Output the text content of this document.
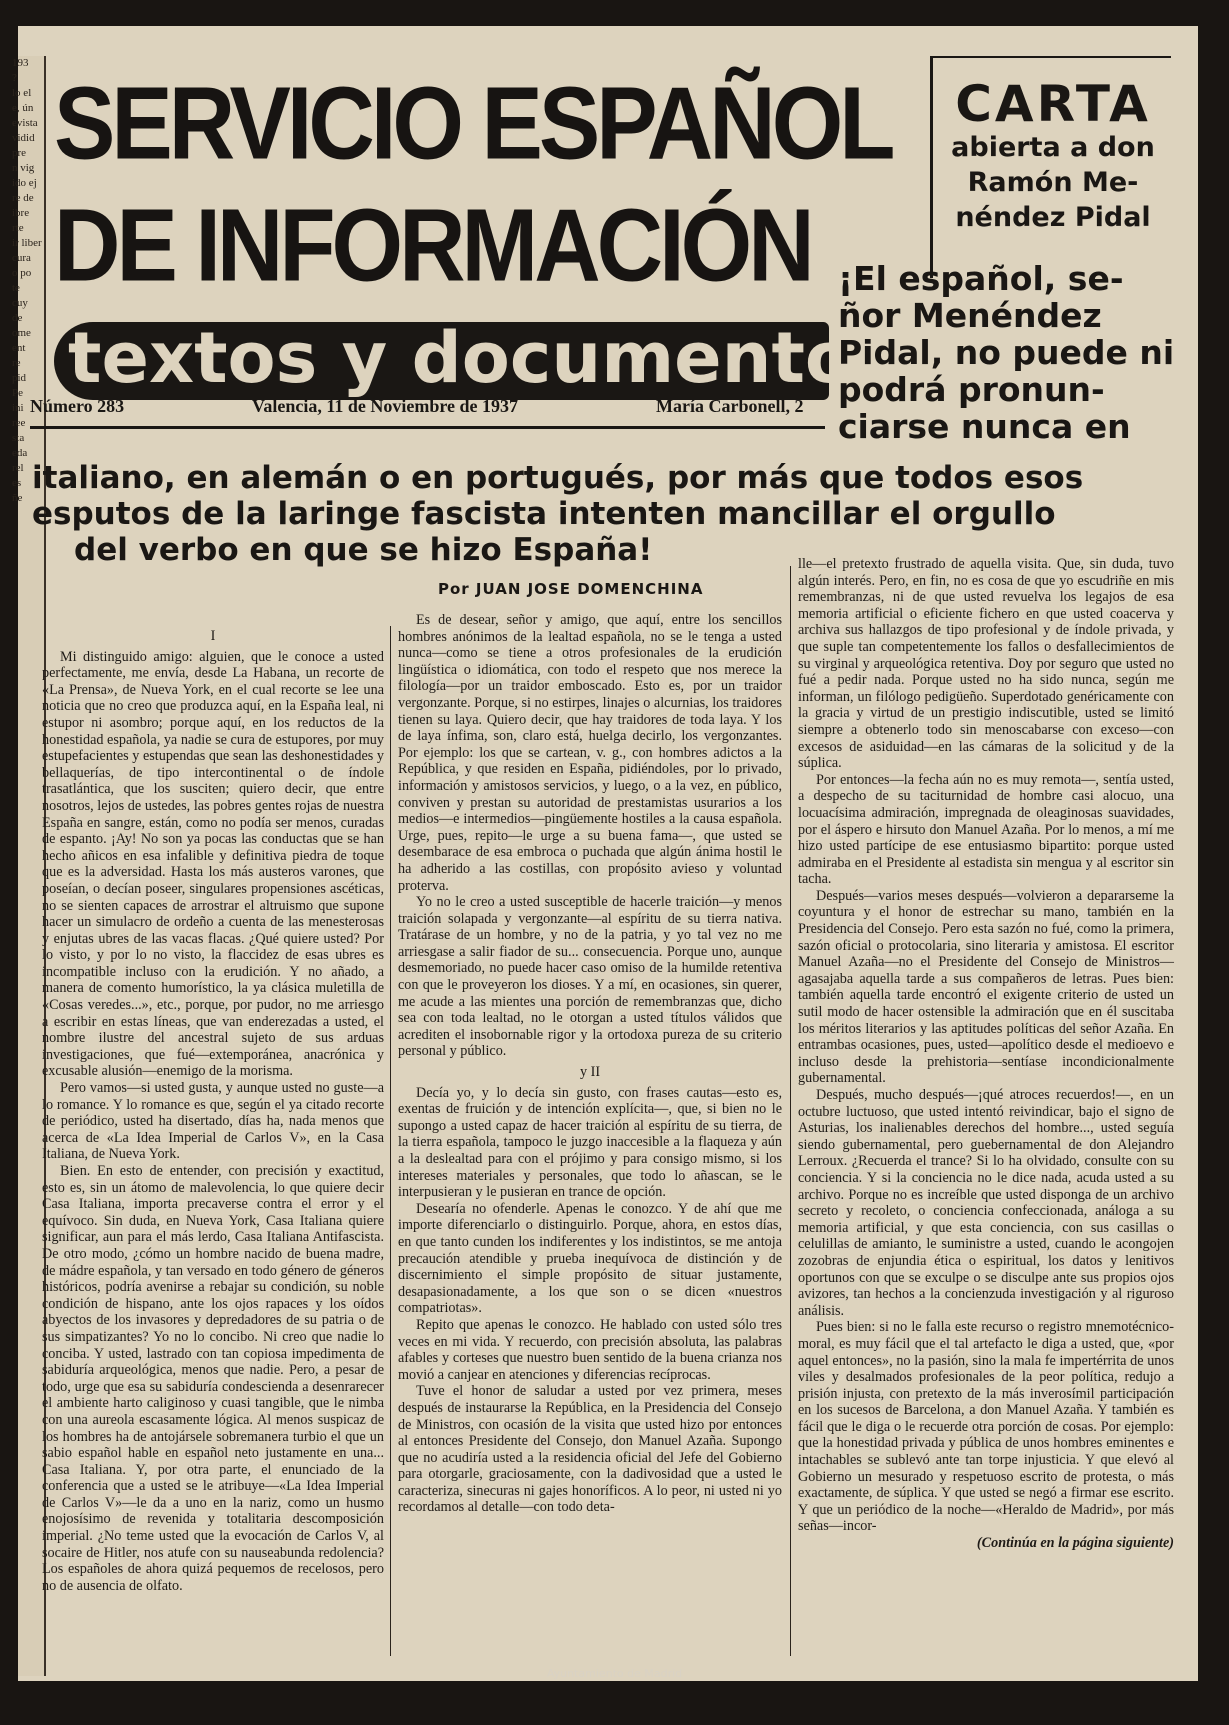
193
?
lo el
e, ún
evista
vidid
pre
n vig
ido ej
re de
ibre
rte
ir liber
cura
o po
te
cuy
de
ome
ent
re
pid
Pe
ini
ree
sta
eda
rel
es
ñe
SERVICIO ESPAÑOL
DE INFORMACIÓN
textos y documentos
Número 283	Valencia, 11 de Noviembre de 1937	María Carbonell, 2
CARTA
abierta a don Ramón Me-néndez Pidal
¡El español, se-ñor Menéndez Pidal, no puede ni podrá pronun-ciarse nunca en
italiano, en alemán o en portugués, por más que todos esos
esputos de la laringe fascista intenten mancillar el orgullo
del verbo en que se hizo España!
Por JUAN JOSE DOMENCHINA

I

Mi distinguido amigo: alguien, que le conoce a usted perfectamente, me envía, desde La Habana, un recorte de «La Prensa», de Nueva York, en el cual recorte se lee una noticia que no creo que produzca aquí, en la España leal, ni estupor ni asombro; porque aquí, en los reductos de la honestidad española, ya nadie se cura de estupores, por muy estupefacientes y estupendas que sean las deshonestidades y bellaquerías, de tipo intercontinental o de índole trasatlántica, que los susciten; quiero decir, que entre nosotros, lejos de ustedes, las pobres gentes rojas de nuestra España en sangre, están, como no podía ser menos, curadas de espanto. ¡Ay! No son ya pocas las conductas que se han hecho añicos en esa infalible y definitiva piedra de toque que es la adversidad. Hasta los más austeros varones, que poseían, o decían poseer, singulares propensiones ascéticas, no se sienten capaces de arrostrar el altruismo que supone hacer un simulacro de ordeño a cuenta de las menesterosas y enjutas ubres de las vacas flacas. ¿Qué quiere usted? Por lo visto, y por lo no visto, la flaccidez de esas ubres es incompatible incluso con la erudición. Y no añado, a manera de comento humorístico, la ya clásica muletilla de «Cosas veredes...», etc., porque, por pudor, no me arriesgo a escribir en estas líneas, que van enderezadas a usted, el nombre ilustre del ancestral sujeto de sus arduas investigaciones, que fué—extemporánea, anacrónica y excusable alusión—enemigo de la morisma.

Pero vamos—si usted gusta, y aunque usted no guste—a lo romance. Y lo romance es que, según el ya citado recorte de periódico, usted ha disertado, días ha, nada menos que acerca de «La Idea Imperial de Carlos V», en la Casa Italiana, de Nueva York.

Bien. En esto de entender, con precisión y exactitud, esto es, sin un átomo de malevolencia, lo que quiere decir Casa Italiana, importa precaverse contra el error y el equívoco. Sin duda, en Nueva York, Casa Italiana quiere significar, aun para el más lerdo, Casa Italiana Antifascista. De otro modo, ¿cómo un hombre nacido de buena madre, de mádre española, y tan versado en todo género de géneros históricos, podría avenirse a rebajar su condición, su noble condición de hispano, ante los ojos rapaces y los oídos abyectos de los invasores y depredadores de su patria o de sus simpatizantes? Yo no lo concibo. Ni creo que nadie lo conciba. Y usted, lastrado con tan copiosa impedimenta de sabiduría arqueológica, menos que nadie. Pero, a pesar de todo, urge que esa su sabiduría condescienda a desenrarecer el ambiente harto caliginoso y cuasi tangible, que le nimba con una aureola escasamente lógica. Al menos suspicaz de los hombres ha de antojársele sobremanera turbio el que un sabio español hable en español neto justamente en una... Casa Italiana. Y, por otra parte, el enunciado de la conferencia que a usted se le atribuye—«La Idea Imperial de Carlos V»—le da a uno en la nariz, como un husmo enojosísimo de revenida y totalitaria descomposición imperial. ¿No teme usted que la evocación de Carlos V, al socaire de Hitler, nos atufe con su nauseabunda redolencia? Los españoles de ahora quizá pequemos de recelosos, pero no de ausencia de olfato.

Es de desear, señor y amigo, que aquí, entre los sencillos hombres anónimos de la lealtad española, no se le tenga a usted nunca—como se tiene a otros profesionales de la erudición lingüística o idiomática, con todo el respeto que nos merece la filología—por un traidor emboscado. Esto es, por un traidor vergonzante. Porque, si no estirpes, linajes o alcurnias, los traidores tienen su laya. Quiero decir, que hay traidores de toda laya. Y los de laya ínfima, son, claro está, huelga decirlo, los vergonzantes. Por ejemplo: los que se cartean, v. g., con hombres adictos a la República, y que residen en España, pidiéndoles, por lo privado, información y amistosos servicios, y luego, o a la vez, en público, conviven y prestan su autoridad de prestamistas usurarios a los medios—e intermedios—pingüemente hostiles a la causa española. Urge, pues, repito—le urge a su buena fama—, que usted se desembarace de esa embroca o puchada que algún ánima hostil le ha adherido a las costillas, con propósito avieso y voluntad proterva.

Yo no le creo a usted susceptible de hacerle traición—y menos traición solapada y vergonzante—al espíritu de su tierra nativa. Tratárase de un hombre, y no de la patria, y yo tal vez no me arriesgase a salir fiador de su... consecuencia. Porque uno, aunque desmemoriado, no puede hacer caso omiso de la humilde retentiva con que le proveyeron los dioses. Y a mí, en ocasiones, sin querer, me acude a las mientes una porción de remembranzas que, dicho sea con toda lealtad, no le otorgan a usted títulos válidos que acrediten el insobornable rigor y la ortodoxa pureza de su criterio personal y público.

y II

Decía yo, y lo decía sin gusto, con frases cautas—esto es, exentas de fruición y de intención explícita—, que, si bien no le supongo a usted capaz de hacer traición al espíritu de su tierra, de la tierra española, tampoco le juzgo inaccesible a la flaqueza y aún a la deslealtad para con el prójimo y para consigo mismo, si los intereses materiales y personales, que todo lo añascan, se le interpusieran y le pusieran en trance de opción.

Desearía no ofenderle. Apenas le conozco. Y de ahí que me importe diferenciarlo o distinguirlo. Porque, ahora, en estos días, en que tanto cunden los indiferentes y los indistintos, se me antoja precaución atendible y prueba inequívoca de distinción y de discernimiento el simple propósito de situar justamente, desapasionadamente, a los que son o se dicen «nuestros compatriotas».

Repito que apenas le conozco. He hablado con usted sólo tres veces en mi vida. Y recuerdo, con precisión absoluta, las palabras afables y corteses que nuestro buen sentido de la buena crianza nos movió a canjear en atenciones y diferencias recíprocas.

Tuve el honor de saludar a usted por vez primera, meses después de instaurarse la República, en la Presidencia del Consejo de Ministros, con ocasión de la visita que usted hizo por entonces al entonces Presidente del Consejo, don Manuel Azaña. Supongo que no acudiría usted a la residencia oficial del Jefe del Gobierno para otorgarle, graciosamente, con la dadivosidad que a usted le caracteriza, sinecuras ni gajes honoríficos. A lo peor, ni usted ni yo recordamos al detalle—con todo deta-

lle—el pretexto frustrado de aquella visita. Que, sin duda, tuvo algún interés. Pero, en fin, no es cosa de que yo escudriñe en mis remembranzas, ni de que usted revuelva los legajos de esa memoria artificial o eficiente fichero en que usted coacerva y archiva sus hallazgos de tipo profesional y de índole privada, y que suple tan competentemente los fallos o desfallecimientos de su virginal y arqueológica retentiva. Doy por seguro que usted no fué a pedir nada. Porque usted no ha sido nunca, según me informan, un filólogo pedigüeño. Superdotado genéricamente con la gracia y virtud de un prestigio indiscutible, usted se limitó siempre a obtenerlo todo sin menoscabarse con exceso—con excesos de asiduidad—en las cámaras de la solicitud y de la súplica.

Por entonces—la fecha aún no es muy remota—, sentía usted, a despecho de su taciturnidad de hombre casi alocuo, una locuacísima admiración, impregnada de oleaginosas suavidades, por el áspero e hirsuto don Manuel Azaña. Por lo menos, a mí me hizo usted partícipe de ese entusiasmo bipartito: porque usted admiraba en el Presidente al estadista sin mengua y al escritor sin tacha.

Después—varios meses después—volvieron a depararseme la coyuntura y el honor de estrechar su mano, también en la Presidencia del Consejo. Pero esta sazón no fué, como la primera, sazón oficial o protocolaria, sino literaria y amistosa. El escritor Manuel Azaña—no el Presidente del Consejo de Ministros—agasajaba aquella tarde a sus compañeros de letras. Pues bien: también aquella tarde encontró el exigente criterio de usted un sutil modo de hacer ostensible la admiración que en él suscitaba los méritos literarios y las aptitudes políticas del señor Azaña. En entrambas ocasiones, pues, usted—apolítico desde el medioevo e incluso desde la prehistoria—sentíase incondicionalmente gubernamental.

Después, mucho después—¡qué atroces recuerdos!—, en un octubre luctuoso, que usted intentó reivindicar, bajo el signo de Asturias, los inalienables derechos del hombre..., usted seguía siendo gubernamental, pero guebernamental de don Alejandro Lerroux. ¿Recuerda el trance? Si lo ha olvidado, consulte con su conciencia. Y si la conciencia no le dice nada, acuda usted a su archivo. Porque no es increíble que usted disponga de un archivo secreto y recoleto, o conciencia confeccionada, análoga a su memoria artificial, y que esta conciencia, con sus casillas o celulillas de amianto, le suministre a usted, cuando le acongojen zozobras de enjundia ética o espiritual, los datos y lenitivos oportunos con que se exculpe o se disculpe ante sus propios ojos avizores, tan hechos a la concienzuda investigación y al riguroso análisis.

Pues bien: si no le falla este recurso o registro mnemotécnico-moral, es muy fácil que el tal artefacto le diga a usted, que, «por aquel entonces», no la pasión, sino la mala fe impertérrita de unos viles y desalmados profesionales de la peor política, redujo a prisión injusta, con pretexto de la más inverosímil participación en los sucesos de Barcelona, a don Manuel Azaña. Y también es fácil que le diga o le recuerde otra porción de cosas. Por ejemplo: que la honestidad privada y pública de unos hombres eminentes e intachables se sublevó ante tan torpe injusticia. Y que elevó al Gobierno un mesurado y respetuoso escrito de protesta, o más exactamente, de súplica. Y que usted se negó a firmar ese escrito. Y que un periódico de la noche—«Heraldo de Madrid», por más señas—incor-

(Continúa en la página siguiente)

Ayuntamiento de Madrid
